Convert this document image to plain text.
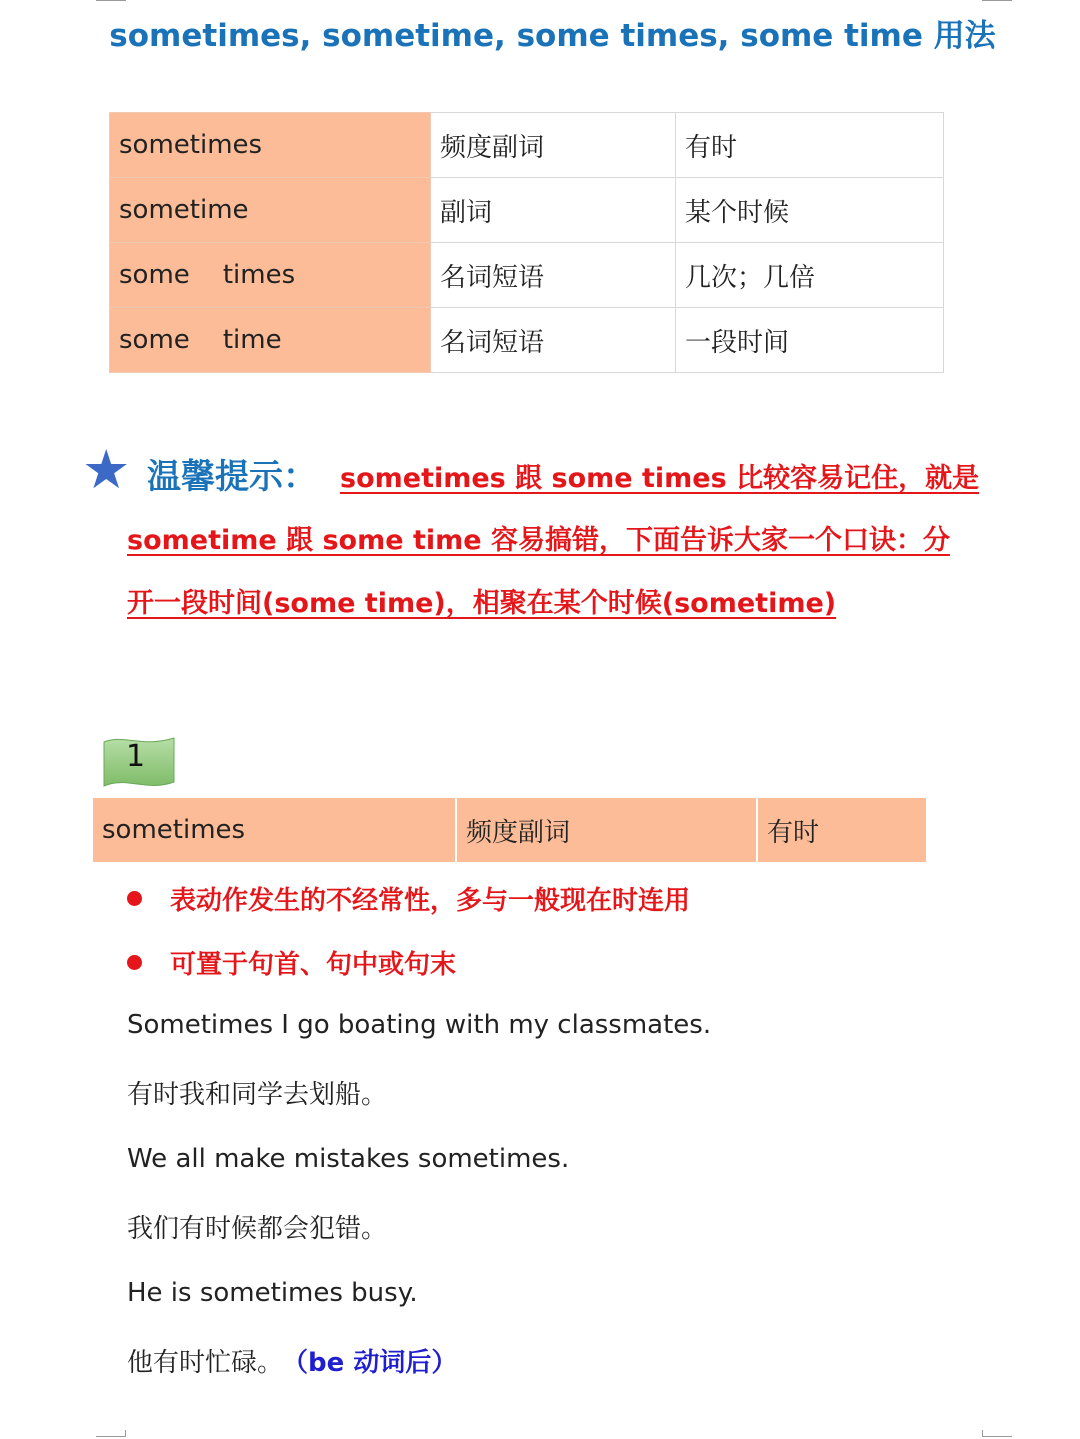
sometimes, sometime, some times, some time 用法
sometimes	频度副词	有时
sometime	副词	某个时候
some    times	名词短语	几次；几倍
some    time	名词短语	一段时间
★ 温馨提示： sometimes 跟 some times 比较容易记住，就是
sometime 跟 some time 容易搞错，下面告诉大家一个口诀：分
开一段时间(some time)，相聚在某个时候(sometime)
1
sometimes	频度副词	有时
表动作发生的不经常性，多与一般现在时连用
可置于句首、句中或句末
Sometimes I go boating with my classmates.
有时我和同学去划船。
We all make mistakes sometimes.
我们有时候都会犯错。
He is sometimes busy.
他有时忙碌。 （be 动词后）
